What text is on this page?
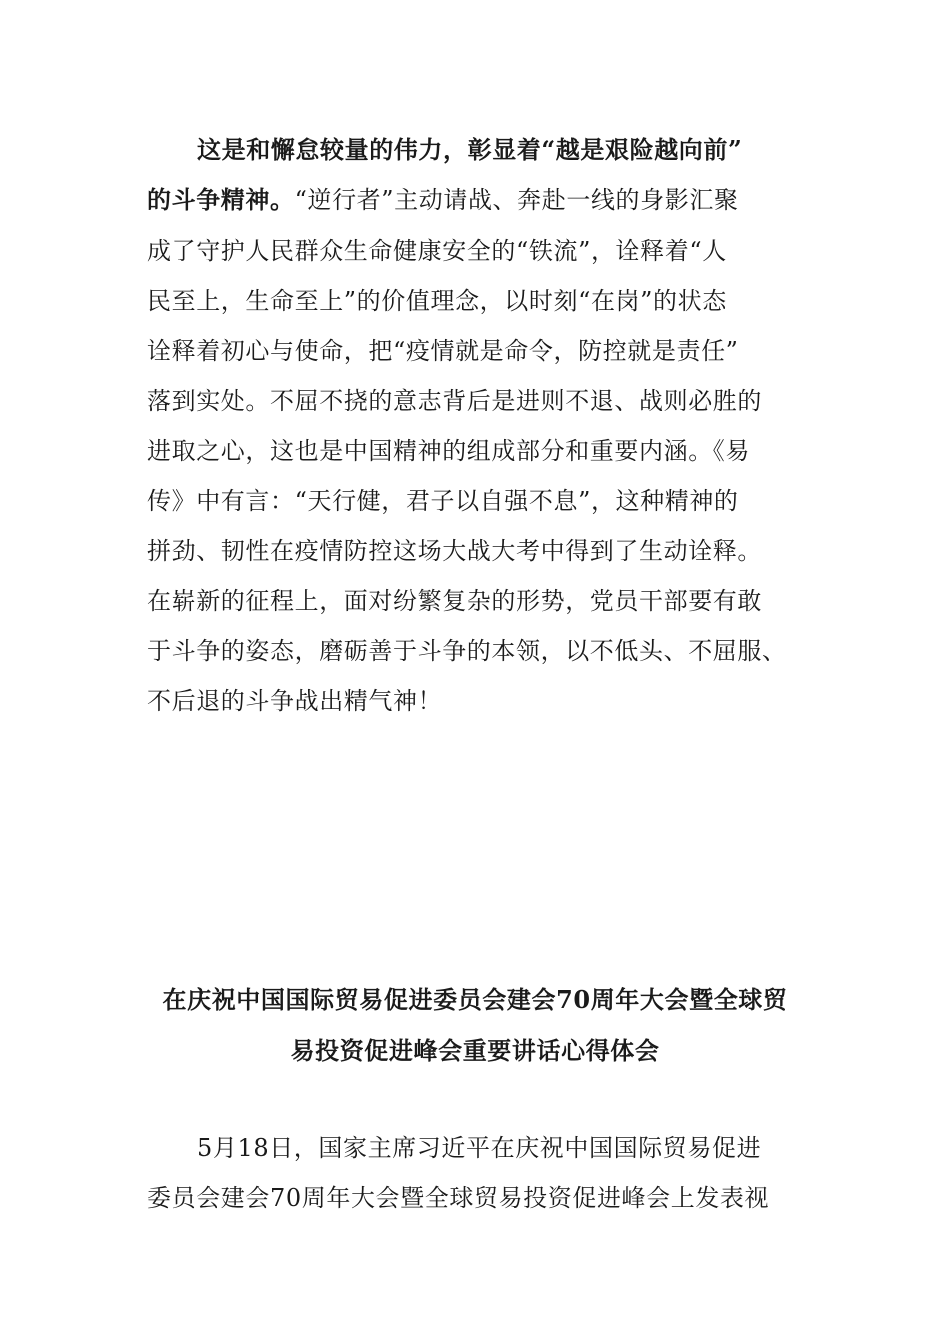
这是和懈怠较量的伟力，彰显着“越是艰险越向前”
的斗争精神。“逆行者”主动请战、奔赴一线的身影汇聚
成了守护人民群众生命健康安全的“铁流”，诠释着“人
民至上，生命至上”的价值理念，以时刻“在岗”的状态
诠释着初心与使命，把“疫情就是命令，防控就是责任”
落到实处。不屈不挠的意志背后是进则不退、战则必胜的
进取之心，这也是中国精神的组成部分和重要内涵。《易
传》中有言：“天行健，君子以自强不息”，这种精神的
拼劲、韧性在疫情防控这场大战大考中得到了生动诠释。
在崭新的征程上，面对纷繁复杂的形势，党员干部要有敢
于斗争的姿态，磨砺善于斗争的本领，以不低头、不屈服、
不后退的斗争战出精气神！
在庆祝中国国际贸易促进委员会建会70周年大会暨全球贸
易投资促进峰会重要讲话心得体会
5月18日，国家主席习近平在庆祝中国国际贸易促进
委员会建会70周年大会暨全球贸易投资促进峰会上发表视
